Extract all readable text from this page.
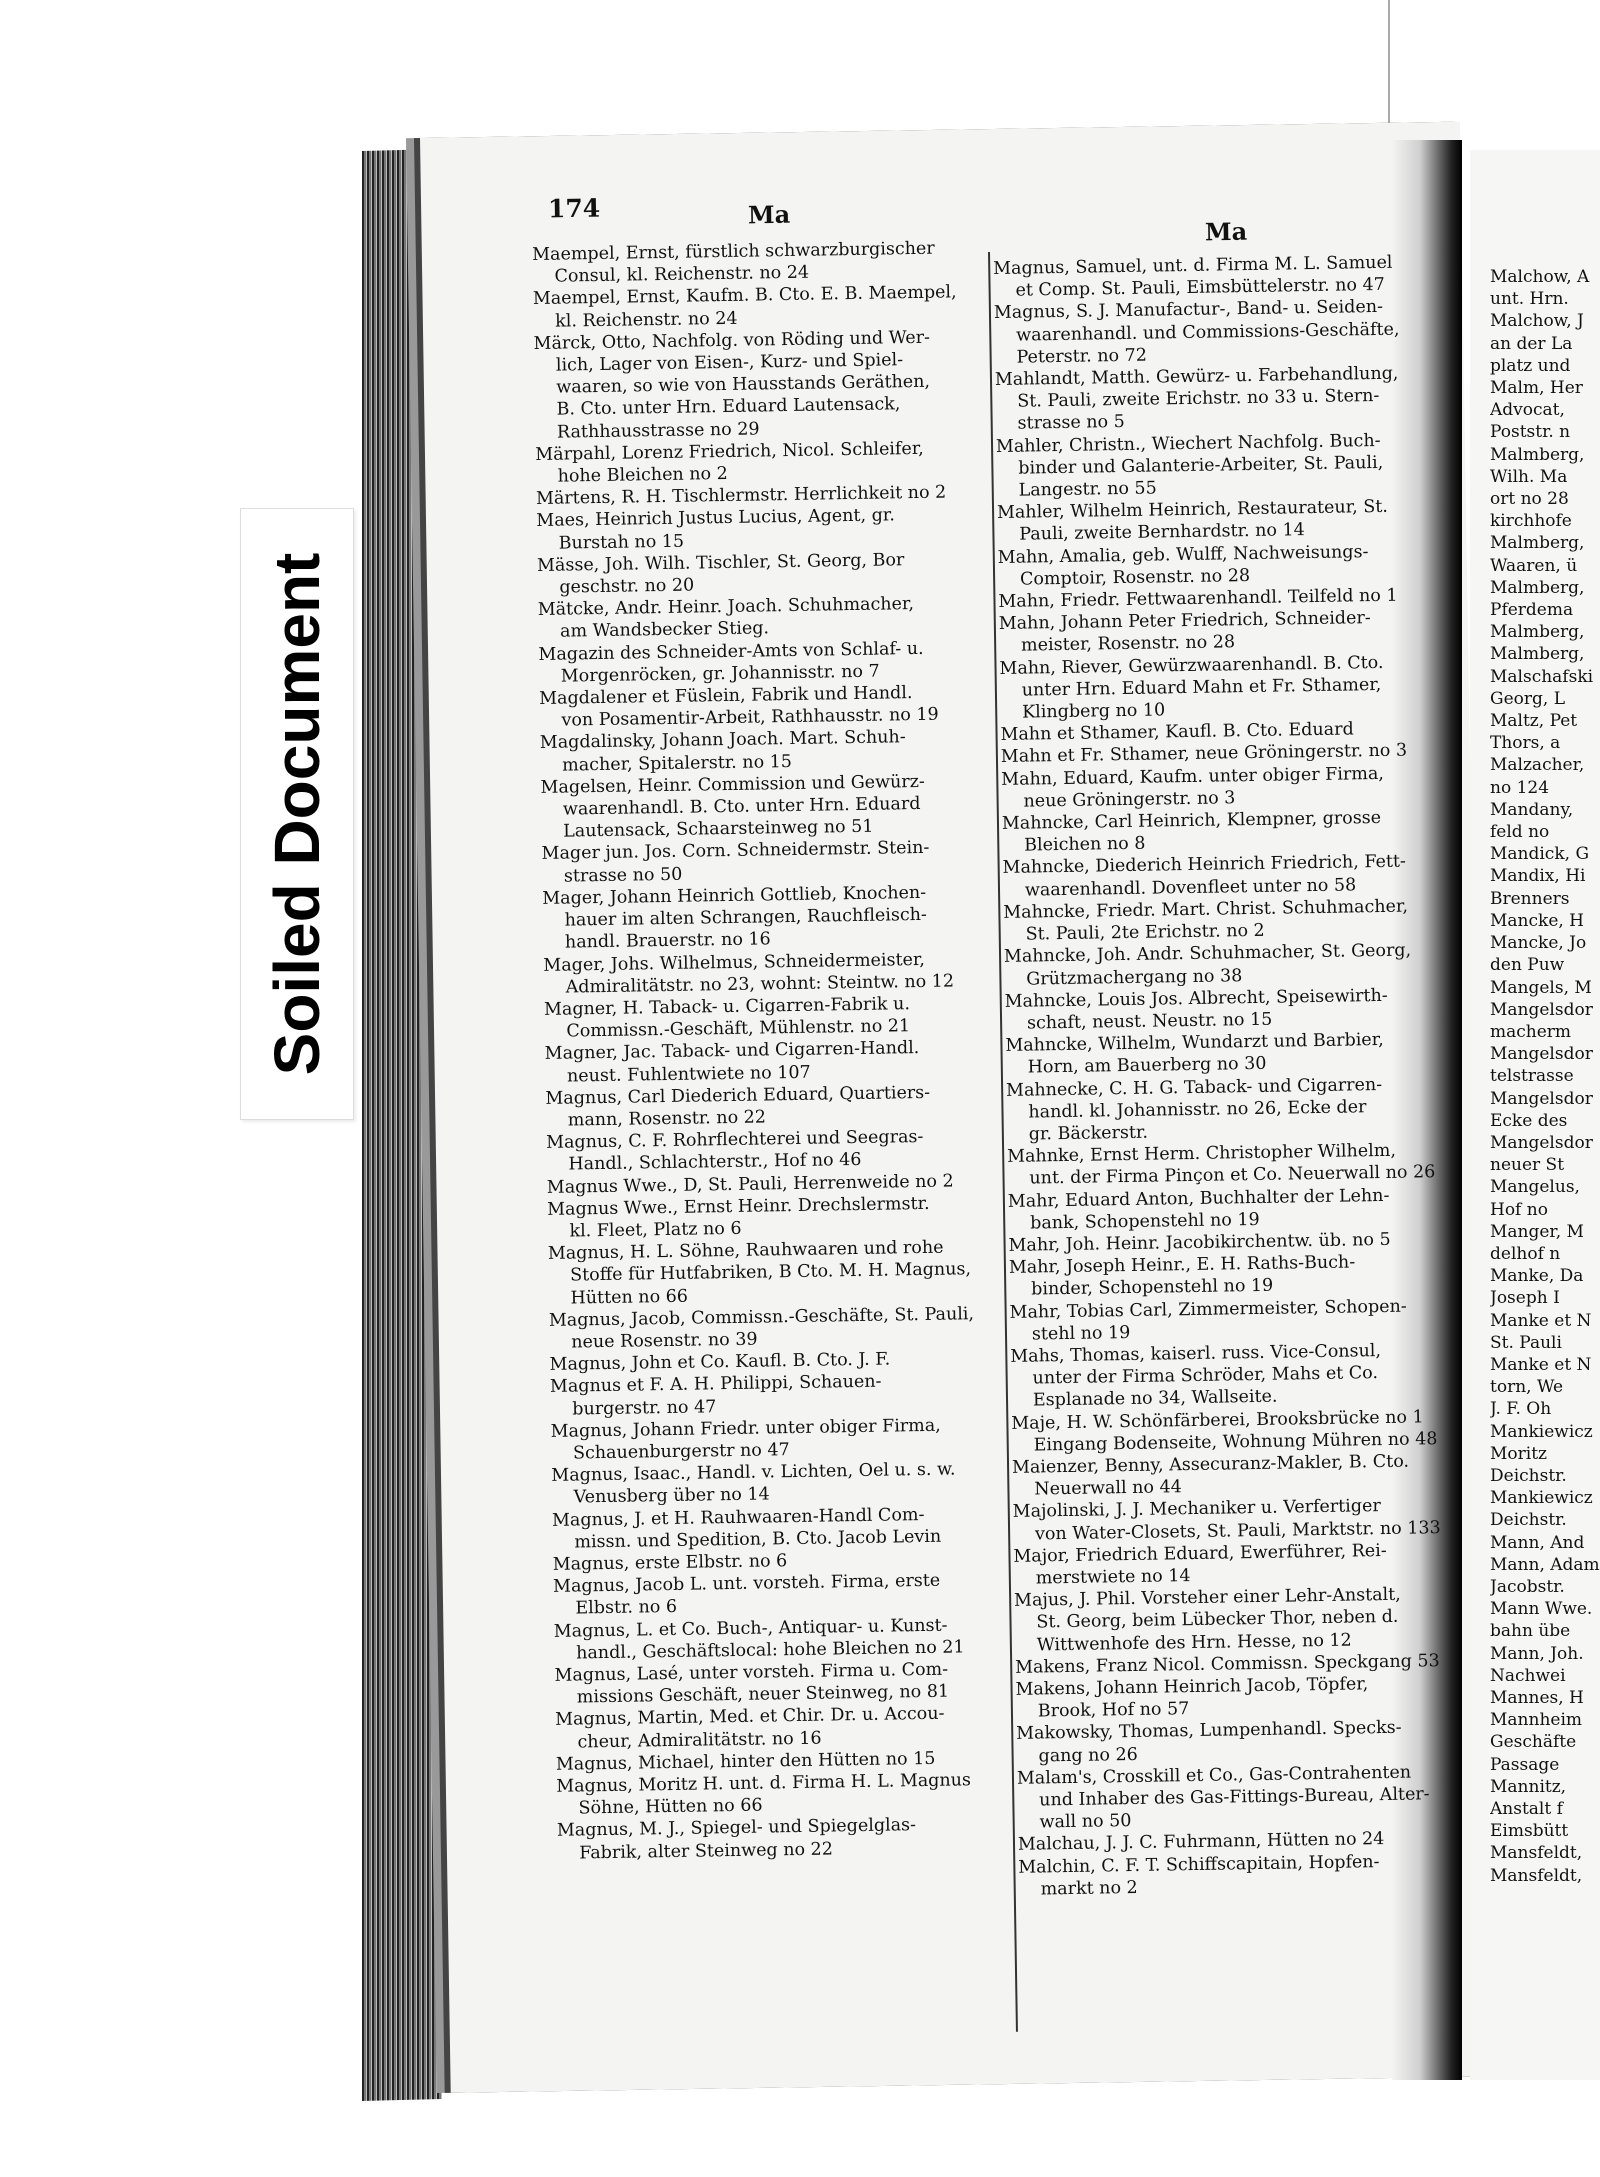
Malchow, A
unt. Hrn.
Malchow, J
an der La
platz und
Malm, Her
Advocat,
Poststr. n
Malmberg,
Wilh. Ma
ort no 28
kirchhofe
Malmberg,
Waaren, ü
Malmberg,
Pferdema
Malmberg,
Malmberg,
Malschafski
Georg, L
Maltz, Pet
Thors, a
Malzacher,
no 124
Mandany,
feld no
Mandick, G
Mandix, Hi
Brenners
Mancke, H
Mancke, Jo
den Puw
Mangels, M
Mangelsdor
macherm
Mangelsdor
telstrasse
Mangelsdor
Ecke des
Mangelsdor
neuer St
Mangelus,
Hof no
Manger, M
delhof n
Manke, Da
Joseph I
Manke et N
St. Pauli
Manke et N
torn, We
J. F. Oh
Mankiewicz
Moritz
Deichstr.
Mankiewicz
Deichstr.
Mann, And
Mann, Adam
Jacobstr.
Mann Wwe.
bahn übe
Mann, Joh.
Nachwei
Mannes, H
Mannheim
Geschäfte
Passage
Mannitz,
Anstalt f
Eimsbütt
Mansfeldt,
Mansfeldt,
Soiled Document
174	Ma
Ma
Maempel, Ernst, fürstlich schwarzburgischer
Consul, kl. Reichenstr. no 24
Maempel, Ernst, Kaufm. B. Cto. E. B. Maempel,
kl. Reichenstr. no 24
Märck, Otto, Nachfolg. von Röding und Wer-
lich, Lager von Eisen-, Kurz- und Spiel-
waaren, so wie von Hausstands Geräthen,
B. Cto. unter Hrn. Eduard Lautensack,
Rathhausstrasse no 29
Märpahl, Lorenz Friedrich, Nicol. Schleifer,
hohe Bleichen no 2
Märtens, R. H. Tischlermstr. Herrlichkeit no 2
Maes, Heinrich Justus Lucius, Agent, gr.
Burstah no 15
Mässe, Joh. Wilh. Tischler, St. Georg, Bor
geschstr. no 20
Mätcke, Andr. Heinr. Joach. Schuhmacher,
am Wandsbecker Stieg.
Magazin des Schneider-Amts von Schlaf- u.
Morgenröcken, gr. Johannisstr. no 7
Magdalener et Füslein, Fabrik und Handl.
von Posamentir-Arbeit, Rathhausstr. no 19
Magdalinsky, Johann Joach. Mart. Schuh-
macher, Spitalerstr. no 15
Magelsen, Heinr. Commission und Gewürz-
waarenhandl. B. Cto. unter Hrn. Eduard
Lautensack, Schaarsteinweg no 51
Mager jun. Jos. Corn. Schneidermstr. Stein-
strasse no 50
Mager, Johann Heinrich Gottlieb, Knochen-
hauer im alten Schrangen, Rauchfleisch-
handl. Brauerstr. no 16
Mager, Johs. Wilhelmus, Schneidermeister,
Admiralitätstr. no 23, wohnt: Steintw. no 12
Magner, H. Taback- u. Cigarren-Fabrik u.
Commissn.-Geschäft, Mühlenstr. no 21
Magner, Jac. Taback- und Cigarren-Handl.
neust. Fuhlentwiete no 107
Magnus, Carl Diederich Eduard, Quartiers-
mann, Rosenstr. no 22
Magnus, C. F. Rohrflechterei und Seegras-
Handl., Schlachterstr., Hof no 46
Magnus Wwe., D, St. Pauli, Herrenweide no 2
Magnus Wwe., Ernst Heinr. Drechslermstr.
kl. Fleet, Platz no 6
Magnus, H. L. Söhne, Rauhwaaren und rohe
Stoffe für Hutfabriken, B Cto. M. H. Magnus,
Hütten no 66
Magnus, Jacob, Commissn.-Geschäfte, St. Pauli,
neue Rosenstr. no 39
Magnus, John et Co. Kaufl. B. Cto. J. F.
Magnus et F. A. H. Philippi, Schauen-
burgerstr. no 47
Magnus, Johann Friedr. unter obiger Firma,
Schauenburgerstr no 47
Magnus, Isaac., Handl. v. Lichten, Oel u. s. w.
Venusberg über no 14
Magnus, J. et H. Rauhwaaren-Handl Com-
missn. und Spedition, B. Cto. Jacob Levin
Magnus, erste Elbstr. no 6
Magnus, Jacob L. unt. vorsteh. Firma, erste
Elbstr. no 6
Magnus, L. et Co. Buch-, Antiquar- u. Kunst-
handl., Geschäftslocal: hohe Bleichen no 21
Magnus, Lasé, unter vorsteh. Firma u. Com-
missions Geschäft, neuer Steinweg, no 81
Magnus, Martin, Med. et Chir. Dr. u. Accou-
cheur, Admiralitätstr. no 16
Magnus, Michael, hinter den Hütten no 15
Magnus, Moritz H. unt. d. Firma H. L. Magnus
Söhne, Hütten no 66
Magnus, M. J., Spiegel- und Spiegelglas-
Fabrik, alter Steinweg no 22
Magnus, Samuel, unt. d. Firma M. L. Samuel
et Comp. St. Pauli, Eimsbüttelerstr. no 47
Magnus, S. J. Manufactur-, Band- u. Seiden-
waarenhandl. und Commissions-Geschäfte,
Peterstr. no 72
Mahlandt, Matth. Gewürz- u. Farbehandlung,
St. Pauli, zweite Erichstr. no 33 u. Stern-
strasse no 5
Mahler, Christn., Wiechert Nachfolg. Buch-
binder und Galanterie-Arbeiter, St. Pauli,
Langestr. no 55
Mahler, Wilhelm Heinrich, Restaurateur, St.
Pauli, zweite Bernhardstr. no 14
Mahn, Amalia, geb. Wulff, Nachweisungs-
Comptoir, Rosenstr. no 28
Mahn, Friedr. Fettwaarenhandl. Teilfeld no 1
Mahn, Johann Peter Friedrich, Schneider-
meister, Rosenstr. no 28
Mahn, Riever, Gewürzwaarenhandl. B. Cto.
unter Hrn. Eduard Mahn et Fr. Sthamer,
Klingberg no 10
Mahn et Sthamer, Kaufl. B. Cto. Eduard
Mahn et Fr. Sthamer, neue Gröningerstr. no 3
Mahn, Eduard, Kaufm. unter obiger Firma,
neue Gröningerstr. no 3
Mahncke, Carl Heinrich, Klempner, grosse
Bleichen no 8
Mahncke, Diederich Heinrich Friedrich, Fett-
waarenhandl. Dovenfleet unter no 58
Mahncke, Friedr. Mart. Christ. Schuhmacher,
St. Pauli, 2te Erichstr. no 2
Mahncke, Joh. Andr. Schuhmacher, St. Georg,
Grützmachergang no 38
Mahncke, Louis Jos. Albrecht, Speisewirth-
schaft, neust. Neustr. no 15
Mahncke, Wilhelm, Wundarzt und Barbier,
Horn, am Bauerberg no 30
Mahnecke, C. H. G. Taback- und Cigarren-
handl. kl. Johannisstr. no 26, Ecke der
gr. Bäckerstr.
Mahnke, Ernst Herm. Christopher Wilhelm,
unt. der Firma Pinçon et Co. Neuerwall no 26
Mahr, Eduard Anton, Buchhalter der Lehn-
bank, Schopenstehl no 19
Mahr, Joh. Heinr. Jacobikirchentw. üb. no 5
Mahr, Joseph Heinr., E. H. Raths-Buch-
binder, Schopenstehl no 19
Mahr, Tobias Carl, Zimmermeister, Schopen-
stehl no 19
Mahs, Thomas, kaiserl. russ. Vice-Consul,
unter der Firma Schröder, Mahs et Co.
Esplanade no 34, Wallseite.
Maje, H. W. Schönfärberei, Brooksbrücke no 1
Eingang Bodenseite, Wohnung Mühren no 48
Maienzer, Benny, Assecuranz-Makler, B. Cto.
Neuerwall no 44
Majolinski, J. J. Mechaniker u. Verfertiger
von Water-Closets, St. Pauli, Marktstr. no 133
Major, Friedrich Eduard, Ewerführer, Rei-
merstwiete no 14
Majus, J. Phil. Vorsteher einer Lehr-Anstalt,
St. Georg, beim Lübecker Thor, neben d.
Wittwenhofe des Hrn. Hesse, no 12
Makens, Franz Nicol. Commissn. Speckgang 53
Makens, Johann Heinrich Jacob, Töpfer,
Brook, Hof no 57
Makowsky, Thomas, Lumpenhandl. Specks-
gang no 26
Malam's, Crosskill et Co., Gas-Contrahenten
und Inhaber des Gas-Fittings-Bureau, Alter-
wall no 50
Malchau, J. J. C. Fuhrmann, Hütten no 24
Malchin, C. F. T. Schiffscapitain, Hopfen-
markt no 2
